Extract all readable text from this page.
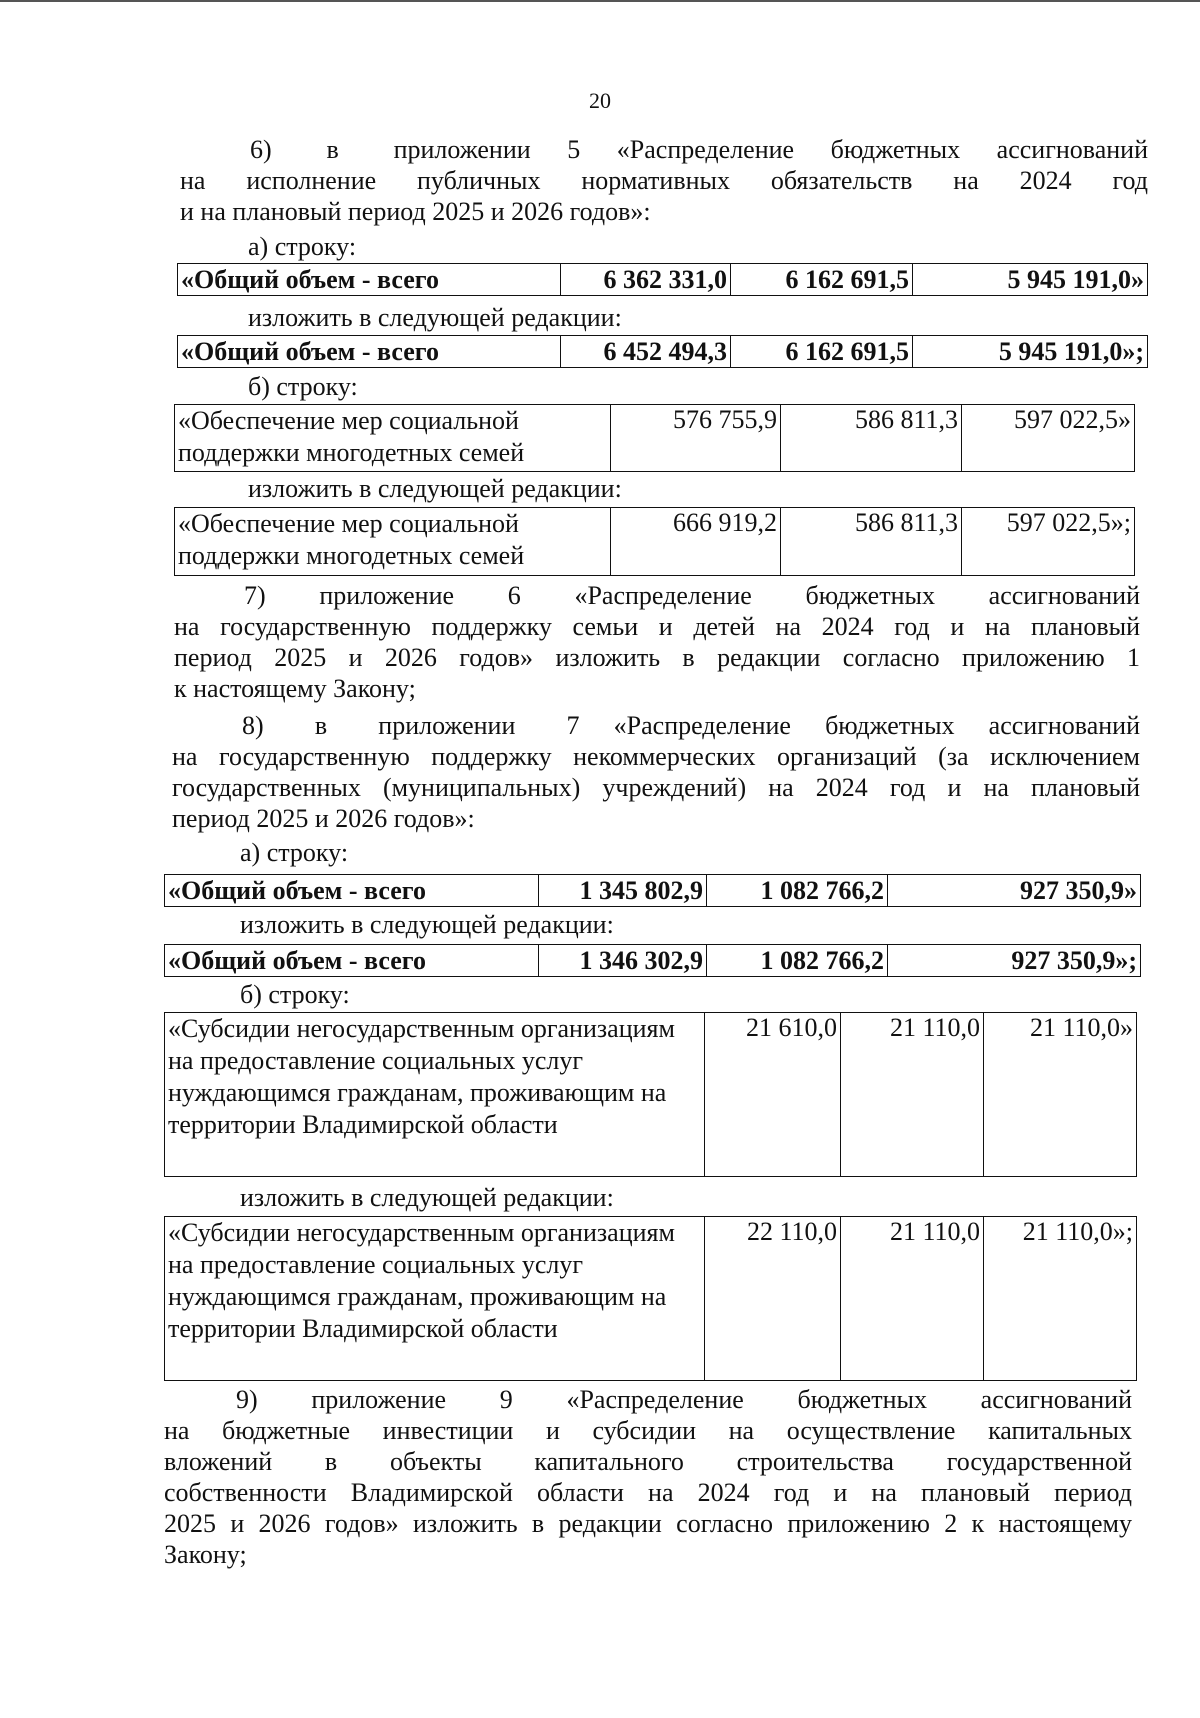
20
6)   в   приложении  5  «Распределение  бюджетных  ассигнований
на  исполнение  публичных  нормативных  обязательств  на  2024  год
и на плановый период 2025 и 2026 годов»:
а) строку:
«Общий объем - всего	6 362 331,0	6 162 691,5	5 945 191,0»
изложить в следующей редакции:
«Общий объем - всего	6 452 494,3	6 162 691,5	5 945 191,0»;
б) строку:
«Обеспечение мер социальной поддержки многодетных семей	576 755,9	586 811,3	597 022,5»
изложить в следующей редакции:
«Обеспечение мер социальной поддержки многодетных семей	666 919,2	586 811,3	597 022,5»;
7)    приложение    6    «Распределение    бюджетных    ассигнований
на государственную поддержку семьи и детей на 2024 год и на плановый
период 2025 и 2026 годов» изложить в редакции согласно приложению 1
к настоящему Закону;
8)   в   приложении   7  «Распределение  бюджетных  ассигнований
на государственную поддержку некоммерческих организаций (за исключением
государственных (муниципальных) учреждений) на 2024 год и на плановый
период 2025 и 2026 годов»:
а) строку:
«Общий объем - всего	1 345 802,9	1 082 766,2	927 350,9»
изложить в следующей редакции:
«Общий объем - всего	1 346 302,9	1 082 766,2	927 350,9»;
б) строку:
«Субсидии негосударственным организациям на предоставление социальных услуг нуждающимся гражданам, проживающим на территории Владимирской области	21 610,0	21 110,0	21 110,0»
изложить в следующей редакции:
«Субсидии негосударственным организациям на предоставление социальных услуг нуждающимся гражданам, проживающим на территории Владимирской области	22 110,0	21 110,0	21 110,0»;
9)    приложение    9    «Распределение    бюджетных    ассигнований
на бюджетные инвестиции и субсидии на осуществление капитальных
вложений в объекты капитального строительства государственной
собственности Владимирской области на 2024 год и на плановый период
2025 и 2026 годов» изложить в редакции согласно приложению 2 к настоящему
Закону;
